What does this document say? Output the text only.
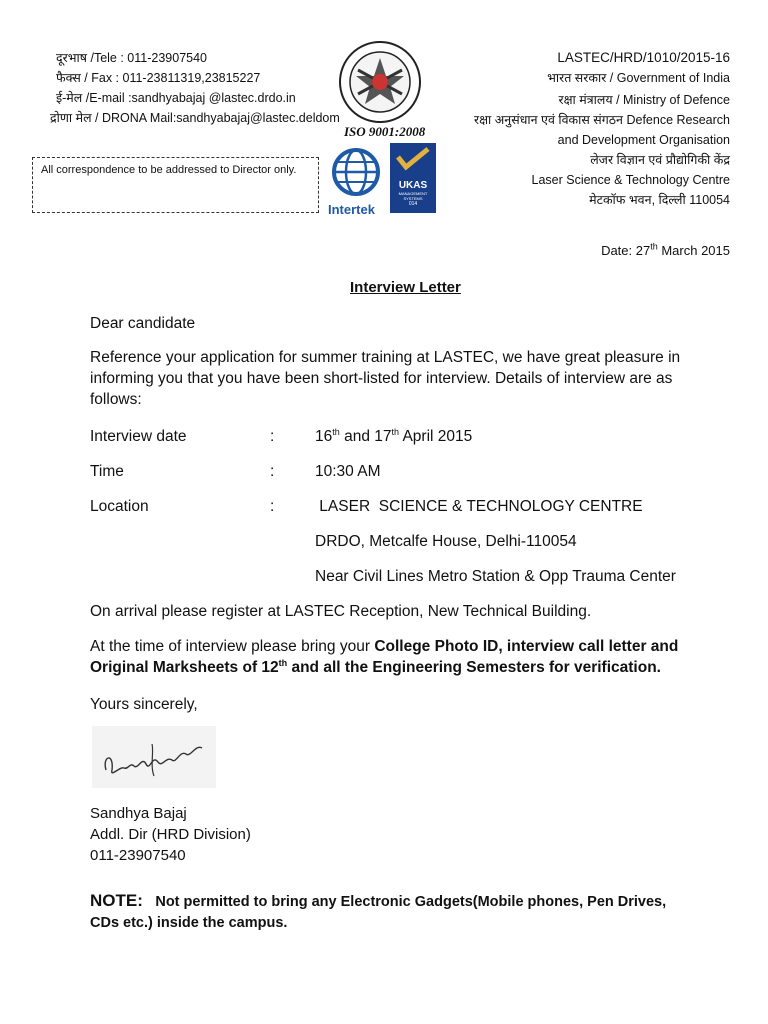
दूरभाष /Tele : 011-23907540
फैक्स / Fax : 011-23811319,23815227
ई-मेल /E-mail :sandhyabajaj @lastec.drdo.in
द्रोणा मेल / DRONA Mail:sandhyabajaj@lastec.deldom
All correspondence to be addressed to Director only.
ISO 9001:2008
Intertek
UKAS
MANAGEMENT SYSTEMS
014
LASTEC/HRD/1010/2015-16
भारत सरकार / Government of India
रक्षा मंत्रालय / Ministry of Defence
रक्षा अनुसंधान एवं विकास संगठन Defence Research
and Development Organisation
लेजर विज्ञान एवं प्रौद्योगिकी केंद्र
Laser Science & Technology Centre
मेटकॉफ भवन, दिल्ली 110054
Date: 27th March 2015
Interview Letter
Dear candidate
Reference your application for summer training at LASTEC, we have great pleasure in informing you that you have been short-listed for interview. Details of interview are as follows:
Interview date	:	16th and 17th April 2015
Time	:	10:30 AM
Location	:	LASER  SCIENCE & TECHNOLOGY CENTRE
DRDO, Metcalfe House, Delhi-110054
Near Civil Lines Metro Station & Opp Trauma Center
On arrival please register at LASTEC Reception, New Technical Building.
At the time of interview please bring your College Photo ID, interview call letter and
Original Marksheets of 12th and all the Engineering Semesters for verification.
Yours sincerely,
Sandhya Bajaj
Addl. Dir (HRD Division)
011-23907540
NOTE: Not permitted to bring any Electronic Gadgets(Mobile phones, Pen Drives,
CDs etc.) inside the campus.
